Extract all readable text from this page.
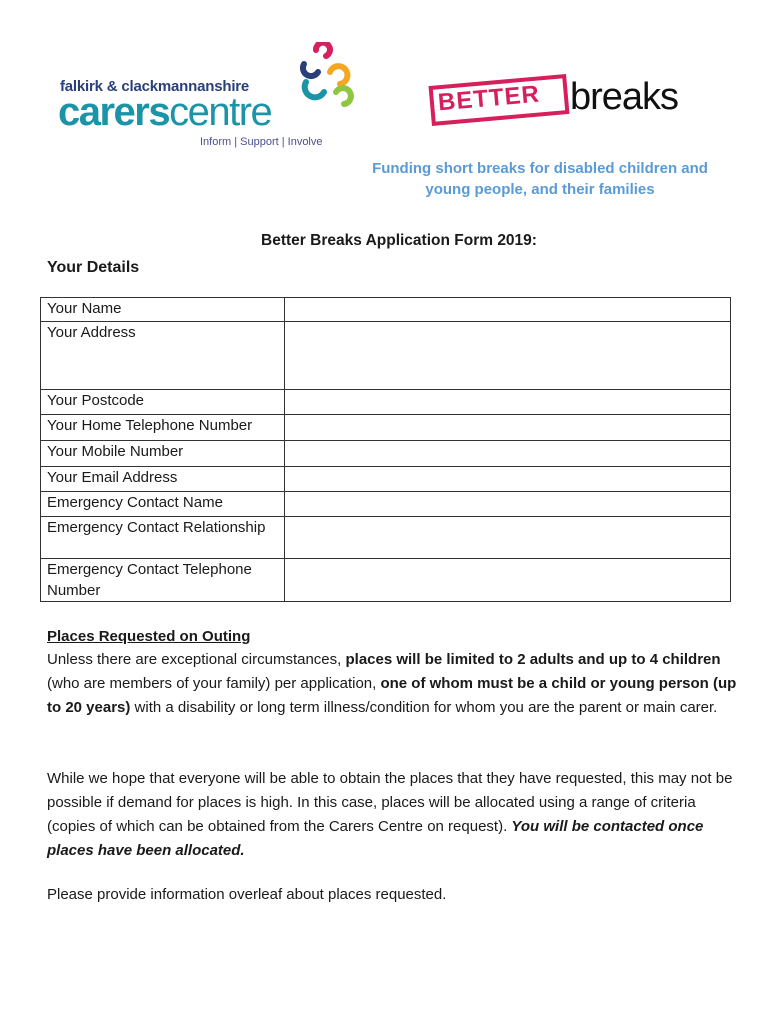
falkirk & clackmannanshire
carerscentre
Inform | Support | Involve
BETTER breaks
Funding short breaks for disabled children and
young people, and their families
Better Breaks Application Form 2019:
Your Details
Your Name	
Your Address	
Your Postcode	
Your Home Telephone Number	
Your Mobile Number	
Your Email Address	
Emergency Contact Name	
Emergency Contact Relationship	
Emergency Contact Telephone Number	
Places Requested on Outing
Unless there are exceptional circumstances, places will be limited to 2 adults and up to 4 children (who are members of your family) per application, one of whom must be a child or young person (up to 20 years) with a disability or long term illness/condition for whom you are the parent or main carer.
While we hope that everyone will be able to obtain the places that they have requested, this may not be possible if demand for places is high. In this case, places will be allocated using a range of criteria (copies of which can be obtained from the Carers Centre on request). You will be contacted once places have been allocated.
Please provide information overleaf about places requested.
